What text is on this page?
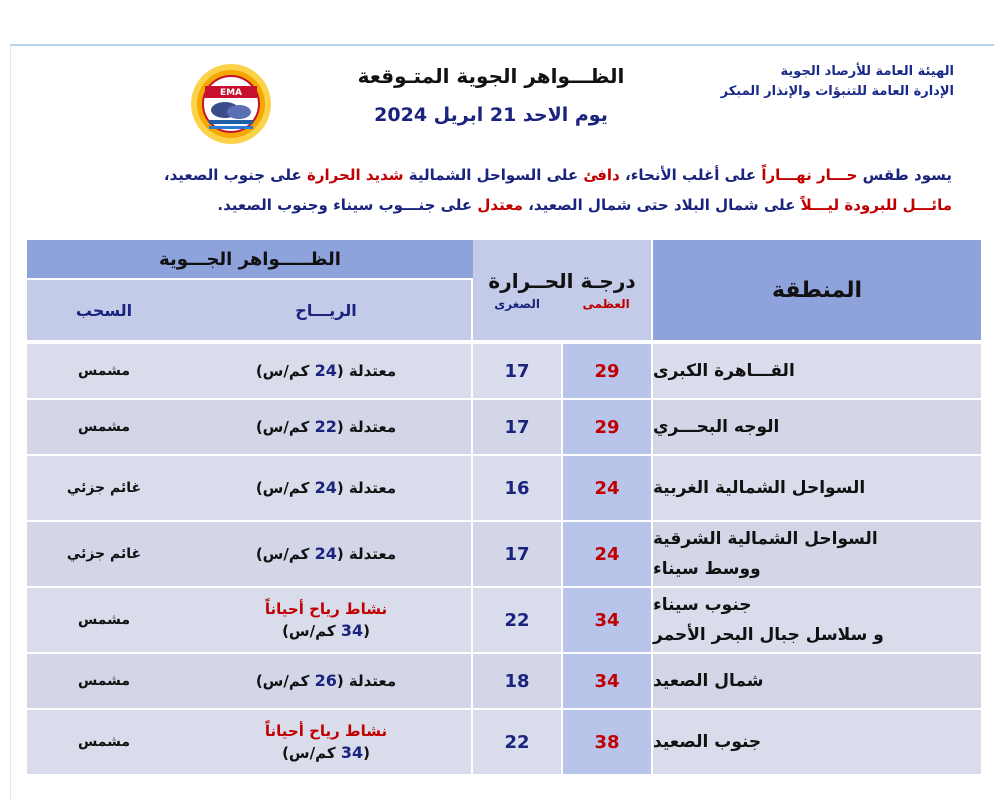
الهيئة العامة للأرصاد الجوية
الإدارة العامة للتنبؤات والإنذار المبكر
EMA
الظـــواهر الجوية المتـوقعة
يوم الاحد 21 ابريل 2024
يسود طقس حـــار نهـــاراً على أغلب الأنحاء، دافئ على السواحل الشمالية شديد الحرارة على جنوب الصعيد،
مائـــل للبرودة ليـــلاً على شمال البلاد حتى شمال الصعيد، معتدل على جنـــوب سيناء وجنوب الصعيد.
المنطقة
درجـة الحــرارة
العظمى
الصغرى
الظـــــواهر الجـــوية
الريـــاح
السحب
القـــاهرة الكبرى
29
17
معتدلة (24 كم/س)
مشمس
الوجه البحـــري
29
17
معتدلة (22 كم/س)
مشمس
السواحل الشمالية الغربية
24
16
معتدلة (24 كم/س)
غائم جزئي
السواحل الشمالية الشرقية
ووسط سيناء
24
17
معتدلة (24 كم/س)
غائم جزئي
جنوب سيناء
و سلاسل جبال البحر الأحمر
34
22
نشاط رياح أحياناً
(34 كم/س)
مشمس
شمال الصعيد
34
18
معتدلة (26 كم/س)
مشمس
جنوب الصعيد
38
22
نشاط رياح أحياناً
(34 كم/س)
مشمس
